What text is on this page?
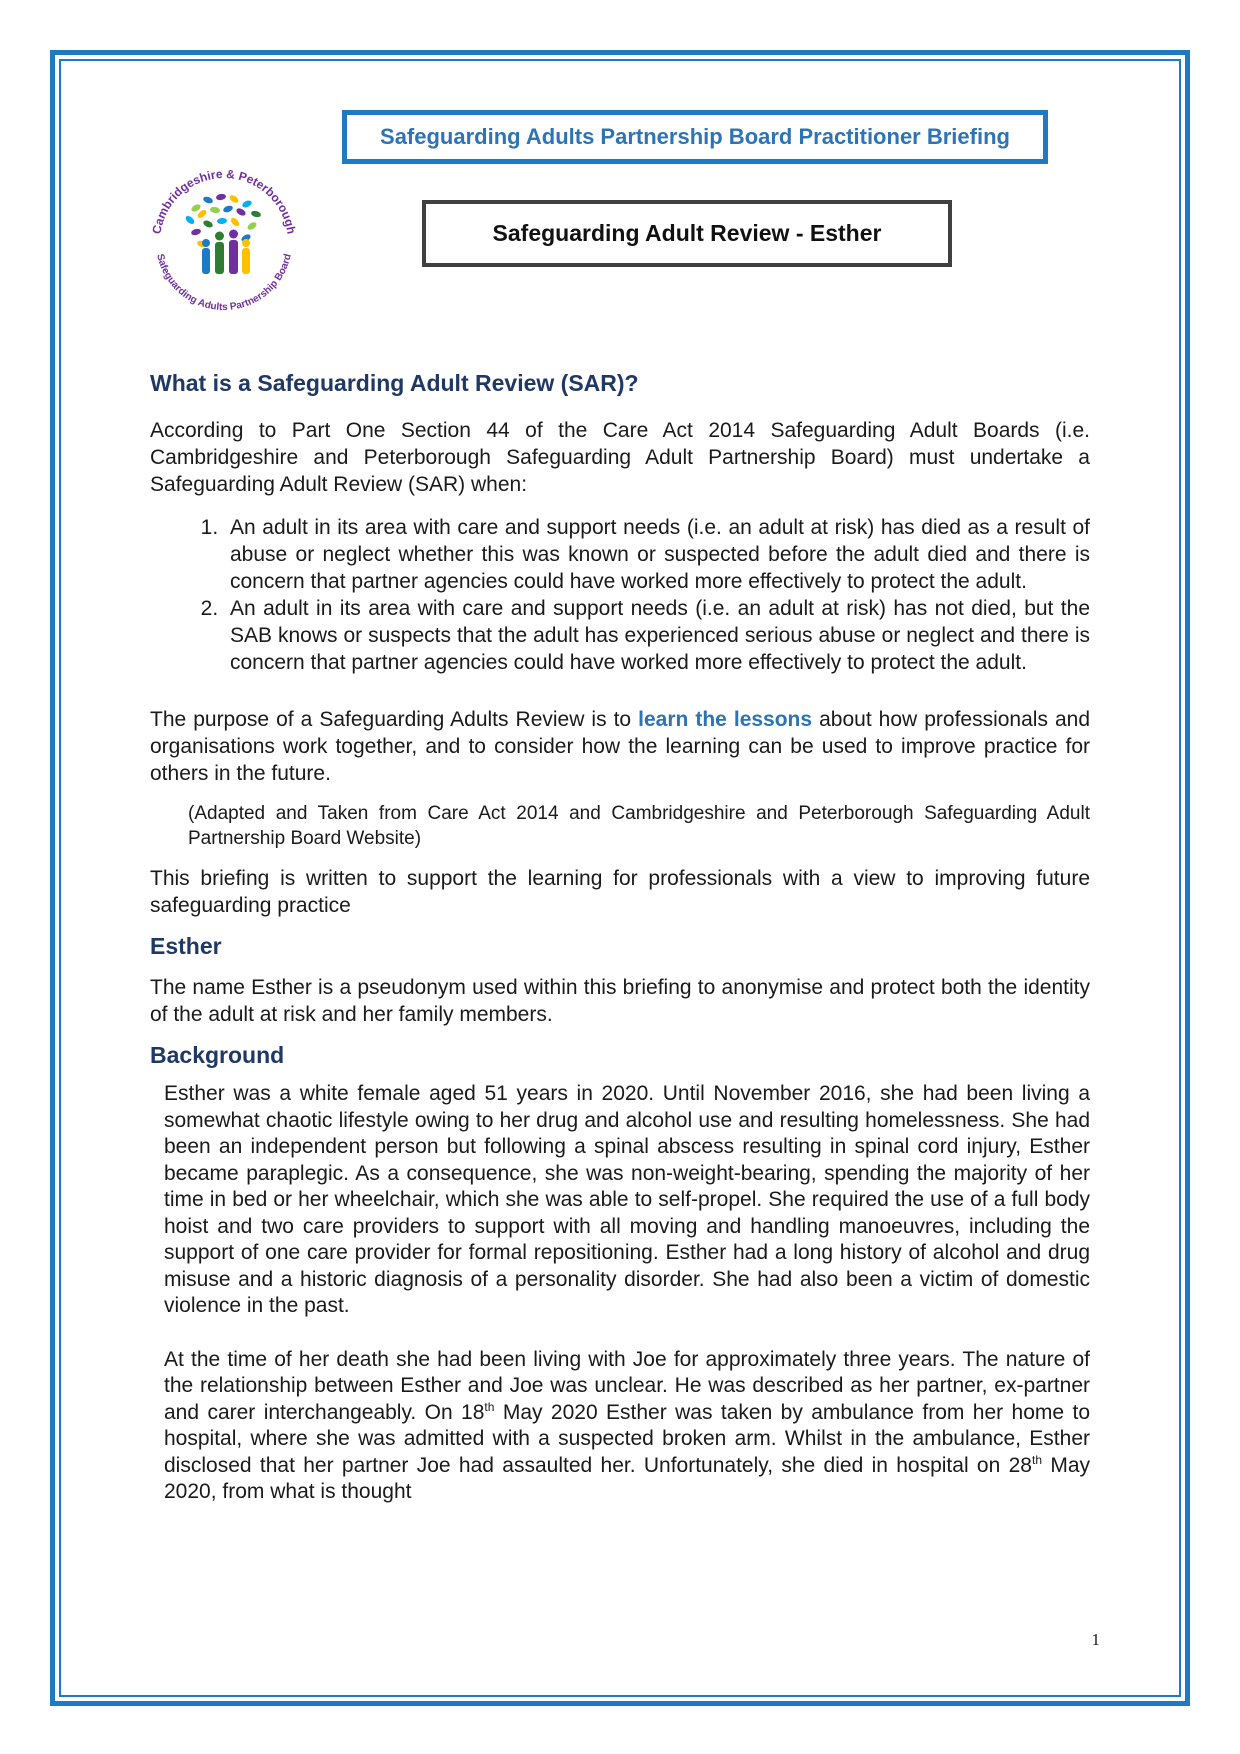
Safeguarding Adults Partnership Board Practitioner Briefing
Cambridgeshire & Peterborough
Safeguarding Adults Partnership Board
Safeguarding Adult Review - Esther
What is a Safeguarding Adult Review (SAR)?

According to Part One Section 44 of the Care Act 2014 Safeguarding Adult Boards (i.e. Cambridgeshire and Peterborough Safeguarding Adult Partnership Board) must undertake a Safeguarding Adult Review (SAR) when:

1. An adult in its area with care and support needs (i.e. an adult at risk) has died as a result of abuse or neglect whether this was known or suspected before the adult died and there is concern that partner agencies could have worked more effectively to protect the adult.
2. An adult in its area with care and support needs (i.e. an adult at risk) has not died, but the SAB knows or suspects that the adult has experienced serious abuse or neglect and there is concern that partner agencies could have worked more effectively to protect the adult.

The purpose of a Safeguarding Adults Review is to learn the lessons about how professionals and organisations work together, and to consider how the learning can be used to improve practice for others in the future.

(Adapted and Taken from Care Act 2014 and Cambridgeshire and Peterborough Safeguarding Adult Partnership Board Website)

This briefing is written to support the learning for professionals with a view to improving future safeguarding practice

Esther

The name Esther is a pseudonym used within this briefing to anonymise and protect both the identity of the adult at risk and her family members.

Background

Esther was a white female aged 51 years in 2020. Until November 2016, she had been living a somewhat chaotic lifestyle owing to her drug and alcohol use and resulting homelessness. She had been an independent person but following a spinal abscess resulting in spinal cord injury, Esther became paraplegic. As a consequence, she was non-weight-bearing, spending the majority of her time in bed or her wheelchair, which she was able to self-propel. She required the use of a full body hoist and two care providers to support with all moving and handling manoeuvres, including the support of one care provider for formal repositioning. Esther had a long history of alcohol and drug misuse and a historic diagnosis of a personality disorder. She had also been a victim of domestic violence in the past.

At the time of her death she had been living with Joe for approximately three years. The nature of the relationship between Esther and Joe was unclear. He was described as her partner, ex-partner and carer interchangeably. On 18th May 2020 Esther was taken by ambulance from her home to hospital, where she was admitted with a suspected broken arm. Whilst in the ambulance, Esther disclosed that her partner Joe had assaulted her. Unfortunately, she died in hospital on 28th May 2020, from what is thought

1
